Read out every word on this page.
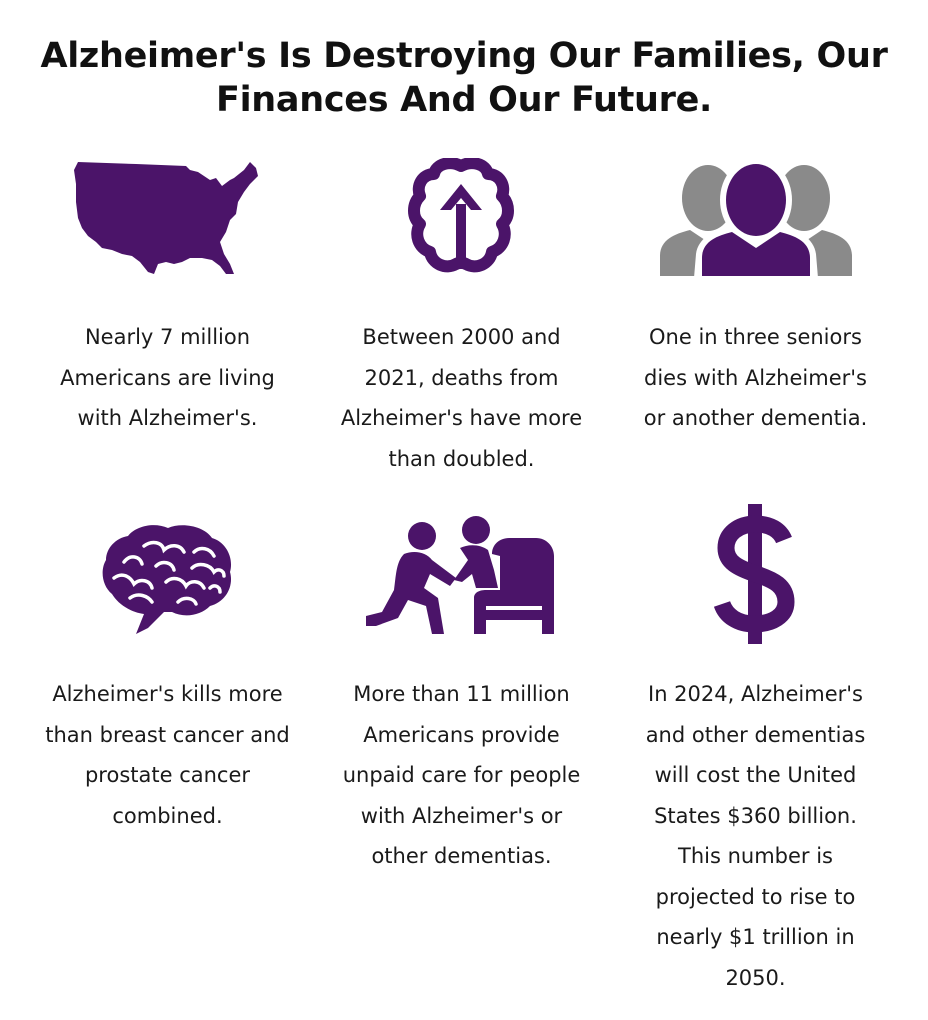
Alzheimer's Is Destroying Our Families, Our
Finances And Our Future.
Nearly 7 million
Americans are living
with Alzheimer's.
Between 2000 and
2021, deaths from
Alzheimer's have more
than doubled.
One in three seniors
dies with Alzheimer's
or another dementia.
Alzheimer's kills more
than breast cancer and
prostate cancer
combined.
More than 11 million
Americans provide
unpaid care for people
with Alzheimer's or
other dementias.
In 2024, Alzheimer's
and other dementias
will cost the United
States $360 billion.
This number is
projected to rise to
nearly $1 trillion in
2050.
